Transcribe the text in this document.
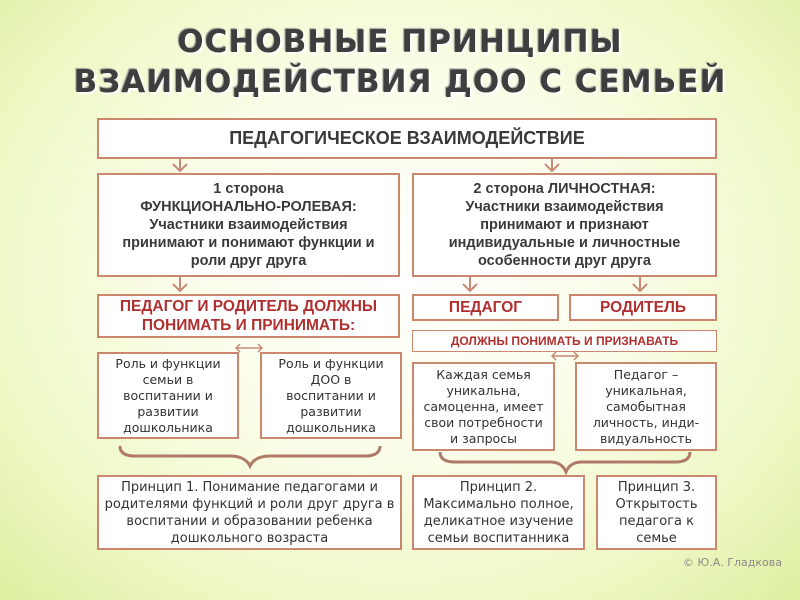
ОСНОВНЫЕ ПРИНЦИПЫ
ВЗАИМОДЕЙСТВИЯ ДОО С СЕМЬЕЙ
ПЕДАГОГИЧЕСКОЕ ВЗАИМОДЕЙСТВИЕ
1 сторона
ФУНКЦИОНАЛЬНО-РОЛЕВАЯ:
Участники взаимодействия
принимают и понимают функции и
роли друг друга
2 сторона ЛИЧНОСТНАЯ:
Участники взаимодействия
принимают и признают
индивидуальные и личностные
особенности друг друга
ПЕДАГОГ И РОДИТЕЛЬ ДОЛЖНЫ
ПОНИМАТЬ И ПРИНИМАТЬ:
ПЕДАГОГ	РОДИТЕЛЬ
ДОЛЖНЫ ПОНИМАТЬ И ПРИЗНАВАТЬ
Роль и функции
семьи в
воспитании и
развитии
дошкольника
Роль и функции
ДОО в
воспитании и
развитии
дошкольника
Каждая семья
уникальна,
самоценна, имеет
свои потребности
и запросы
Педагог –
уникальная,
самобытная
личность, инди-
видуальность
Принцип 1. Понимание педагогами и
родителями функций и роли друг друга в
воспитании и образовании ребенка
дошкольного возраста
Принцип 2.
Максимально полное,
деликатное изучение
семьи воспитанника
Принцип 3.
Открытость
педагога к
семье
© Ю.А. Гладкова
